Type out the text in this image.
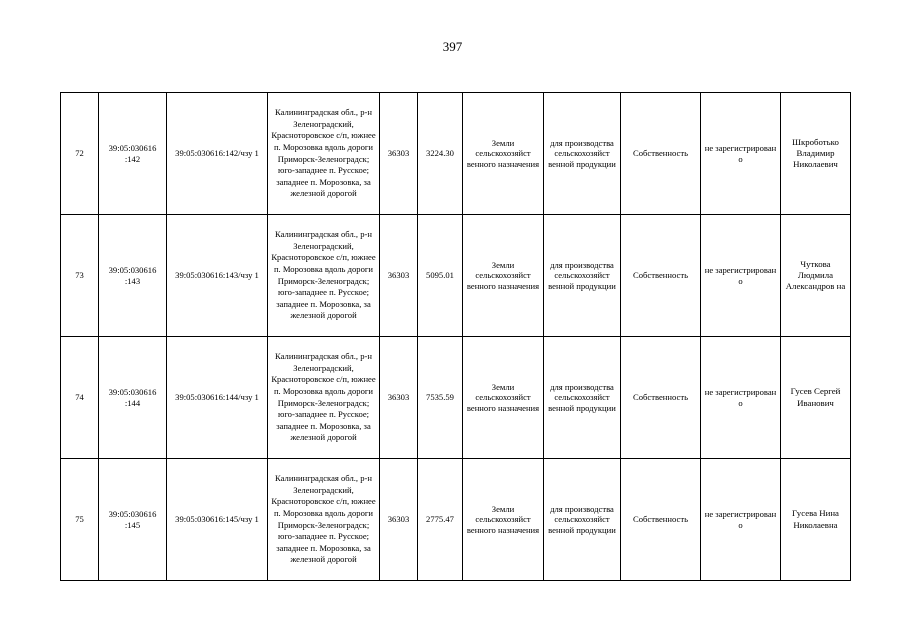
397
72	39:05:030616 :142	39:05:030616:142/чзу 1	Калининградская обл., р-н Зеленоградский, Красноторовское с/п, южнее п. Морозовка вдоль дороги Приморск-Зеленоградск; юго-западнее п. Русское; западнее п. Морозовка, за железной дорогой	36303	3224.30	Земли сельскохозяйст венного назначения	для производства сельскохозяйст венной продукции	Собственность	не зарегистрирован о	Шкроботько Владимир Николаевич
73	39:05:030616 :143	39:05:030616:143/чзу 1	Калининградская обл., р-н Зеленоградский, Красноторовское с/п, южнее п. Морозовка вдоль дороги Приморск-Зеленоградск; юго-западнее п. Русское; западнее п. Морозовка, за железной дорогой	36303	5095.01	Земли сельскохозяйст венного назначения	для производства сельскохозяйст венной продукции	Собственность	не зарегистрирован о	Чуткова Людмила Александров на
74	39:05:030616 :144	39:05:030616:144/чзу 1	Калининградская обл., р-н Зеленоградский, Красноторовское с/п, южнее п. Морозовка вдоль дороги Приморск-Зеленоградск; юго-западнее п. Русское; западнее п. Морозовка, за железной дорогой	36303	7535.59	Земли сельскохозяйст венного назначения	для производства сельскохозяйст венной продукции	Собственность	не зарегистрирован о	Гусев Сергей Иванович
75	39:05:030616 :145	39:05:030616:145/чзу 1	Калининградская обл., р-н Зеленоградский, Красноторовское с/п, южнее п. Морозовка вдоль дороги Приморск-Зеленоградск; юго-западнее п. Русское; западнее п. Морозовка, за железной дорогой	36303	2775.47	Земли сельскохозяйст венного назначения	для производства сельскохозяйст венной продукции	Собственность	не зарегистрирован о	Гусева Нина Николаевна
